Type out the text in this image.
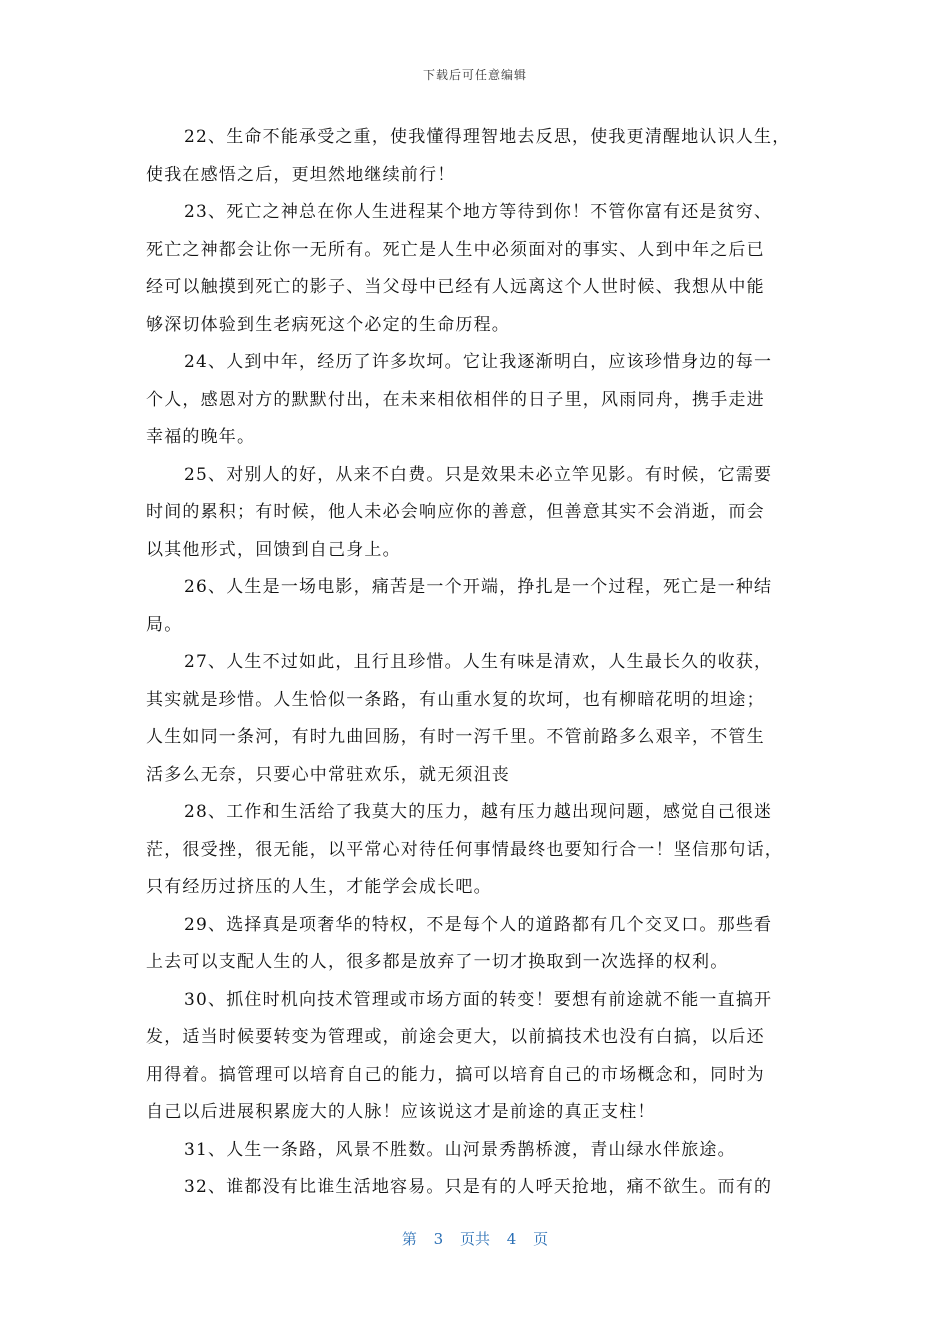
下载后可任意编辑

22、生命不能承受之重，使我懂得理智地去反思，使我更清醒地认识人生，
使我在感悟之后，更坦然地继续前行！

23、死亡之神总在你人生进程某个地方等待到你！不管你富有还是贫穷、
死亡之神都会让你一无所有。死亡是人生中必须面对的事实、人到中年之后已
经可以触摸到死亡的影子、当父母中已经有人远离这个人世时候、我想从中能
够深切体验到生老病死这个必定的生命历程。

24、人到中年，经历了许多坎坷。它让我逐渐明白，应该珍惜身边的每一
个人，感恩对方的默默付出，在未来相依相伴的日子里，风雨同舟，携手走进
幸福的晚年。

25、对别人的好，从来不白费。只是效果未必立竿见影。有时候，它需要
时间的累积；有时候，他人未必会响应你的善意，但善意其实不会消逝，而会
以其他形式，回馈到自己身上。

26、人生是一场电影，痛苦是一个开端，挣扎是一个过程，死亡是一种结
局。

27、人生不过如此，且行且珍惜。人生有味是清欢，人生最长久的收获，
其实就是珍惜。人生恰似一条路，有山重水复的坎坷，也有柳暗花明的坦途；
人生如同一条河，有时九曲回肠，有时一泻千里。不管前路多么艰辛，不管生
活多么无奈，只要心中常驻欢乐，就无须沮丧

28、工作和生活给了我莫大的压力，越有压力越出现问题，感觉自己很迷
茫，很受挫，很无能，以平常心对待任何事情最终也要知行合一！坚信那句话，
只有经历过挤压的人生，才能学会成长吧。

29、选择真是项奢华的特权，不是每个人的道路都有几个交叉口。那些看
上去可以支配人生的人，很多都是放弃了一切才换取到一次选择的权利。

30、抓住时机向技术管理或市场方面的转变！要想有前途就不能一直搞开
发，适当时候要转变为管理或，前途会更大，以前搞技术也没有白搞，以后还
用得着。搞管理可以培育自己的能力，搞可以培育自己的市场概念和，同时为
自己以后进展积累庞大的人脉！应该说这才是前途的真正支柱！

31、人生一条路，风景不胜数。山河景秀鹊桥渡，青山绿水伴旅途。

32、谁都没有比谁生活地容易。只是有的人呼天抢地，痛不欲生。而有的

第 3 页共 4 页
